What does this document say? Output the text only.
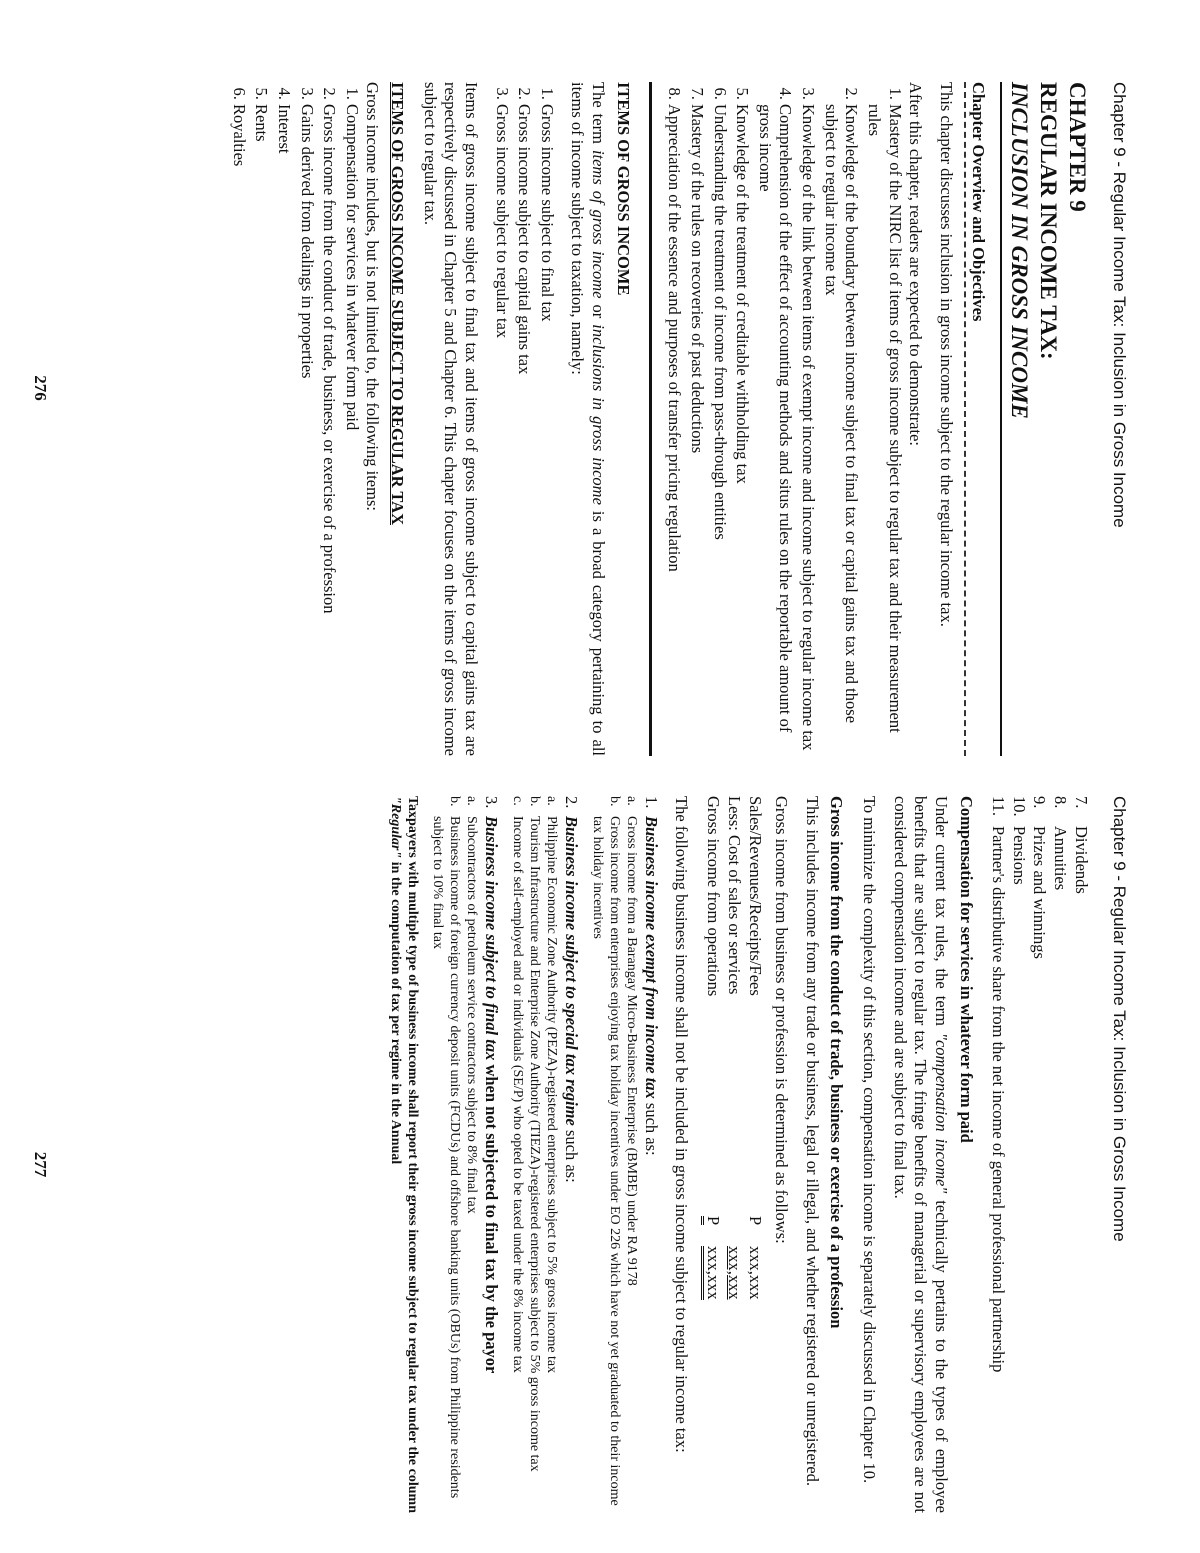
Chapter 9 - Regular Income Tax: Inclusion in Gross Income
CHAPTER 9
REGULAR INCOME TAX:
INCLUSION IN GROSS INCOME
Chapter Overview and Objectives

This chapter discusses inclusion in gross income subject to the regular income tax.

After this chapter, readers are expected to demonstrate:
1. Mastery of the NIRC list of items of gross income subject to regular tax and their measurement rules
2. Knowledge of the boundary between income subject to final tax or capital gains tax and those subject to regular income tax
3. Knowledge of the link between items of exempt income and income subject to regular income tax
4. Comprehension of the effect of accounting methods and situs rules on the reportable amount of gross income
5. Knowledge of the treatment of creditable withholding tax
6. Understanding the treatment of income from pass-through entities
7. Mastery of the rules on recoveries of past deductions
8. Appreciation of the essence and purposes of transfer pricing regulation
ITEMS OF GROSS INCOME

The term items of gross income or inclusions in gross income is a broad category pertaining to all items of income subject to taxation, namely:

1. Gross income subject to final tax
2. Gross income subject to capital gains tax
3. Gross income subject to regular tax

Items of gross income subject to final tax and items of gross income subject to capital gains tax are respectively discussed in Chapter 5 and Chapter 6. This chapter focuses on the items of gross income subject to regular tax.

ITEMS OF GROSS INCOME SUBJECT TO REGULAR TAX
Gross income includes, but is not limited to, the following items:
1. Compensation for services in whatever form paid
2. Gross income from the conduct of trade, business, or exercise of a profession
3. Gains derived from dealings in properties
4. Interest
5. Rents
6. Royalties
276
Chapter 9 - Regular Income Tax: Inclusion in Gross Income
7.
Dividends
8.
Annuities
9.
Prizes and winnings
10.
Pensions
11.
Partner's distributive share from the net income of general professional partnership
Compensation for services in whatever form paid

Under current tax rules, the term "compensation income" technically pertains to the types of employee benefits that are subject to regular tax. The fringe benefits of managerial or supervisory employees are not considered compensation income and are subject to final tax.

To minimize the complexity of this section, compensation income is separately discussed in Chapter 10.

Gross income from the conduct of trade, business or exercise of a profession

This includes income from any trade or business, legal or illegal, and whether registered or unregistered.

Gross income from business or profession is determined as follows:
Sales/Revenues/Receipts/Fees
P
xxx,xxx
Less: Cost of sales or services
xxx,xxx
Gross income from operations
P
xxx,xxx

The following business income shall not be included in gross income subject to regular income tax:

1.
Business income exempt from income tax such as:
a.
Gross income from a Barangay Micro-Business Enterprise (BMBE) under RA 9178
b.
Gross income from enterprises enjoying tax holiday incentives under EO 226 which have not yet graduated to their income tax holiday incentives
2.
Business income subject to special tax regime such as:
a.
Philippine Economic Zone Authority (PEZA)-registered enterprises subject to 5% gross income tax
b.
Tourism Infrastructure and Enterprise Zone Authority (TIEZA)-registered enterprises subject to 5% gross income tax
c.
Income of self-employed and or individuals (SE/P) who opted to be taxed under the 8% income tax
3.
Business income subject to final tax when not subjected to final tax by the payor
a.
Subcontractors of petroleum service contractors subject to 8% final tax
b.
Business income of foreign currency deposit units (FCDUs) and offshore banking units (OBUs) from Philippine residents subject to 10% final tax

Taxpayers with multiple type of business income shall report their gross income subject to regular tax under the column "Regular" in the computation of tax per regime in the Annual

277
